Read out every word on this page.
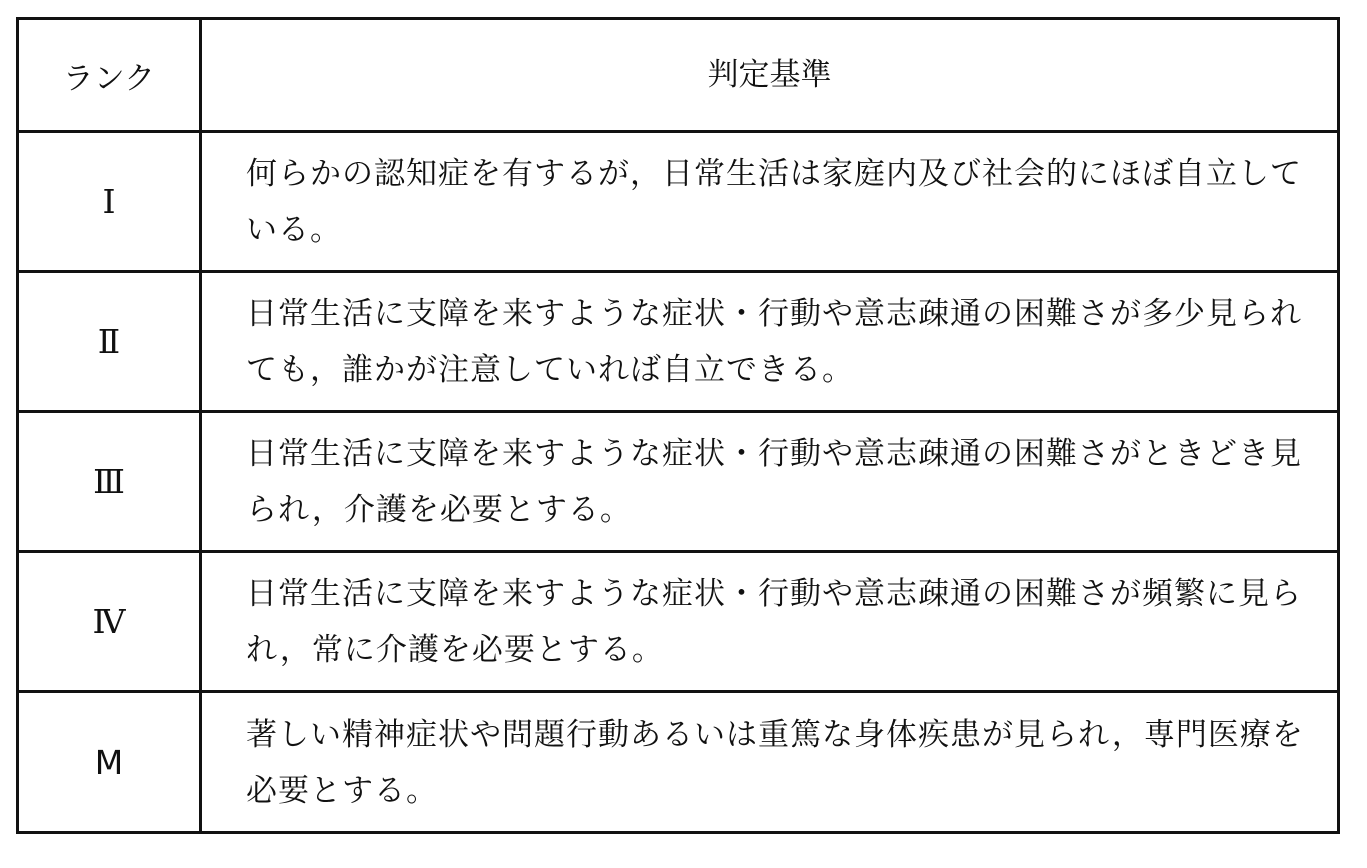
ランク	判定基準
Ⅰ
何らかの認知症を有するが，日常生活は家庭内及び社会的にほぼ自立している。
Ⅱ
日常生活に支障を来すような症状・行動や意志疎通の困難さが多少見られても，誰かが注意していれば自立できる。
Ⅲ
日常生活に支障を来すような症状・行動や意志疎通の困難さがときどき見られ，介護を必要とする。
Ⅳ
日常生活に支障を来すような症状・行動や意志疎通の困難さが頻繁に見られ，常に介護を必要とする。
M
著しい精神症状や問題行動あるいは重篤な身体疾患が見られ，専門医療を必要とする。
